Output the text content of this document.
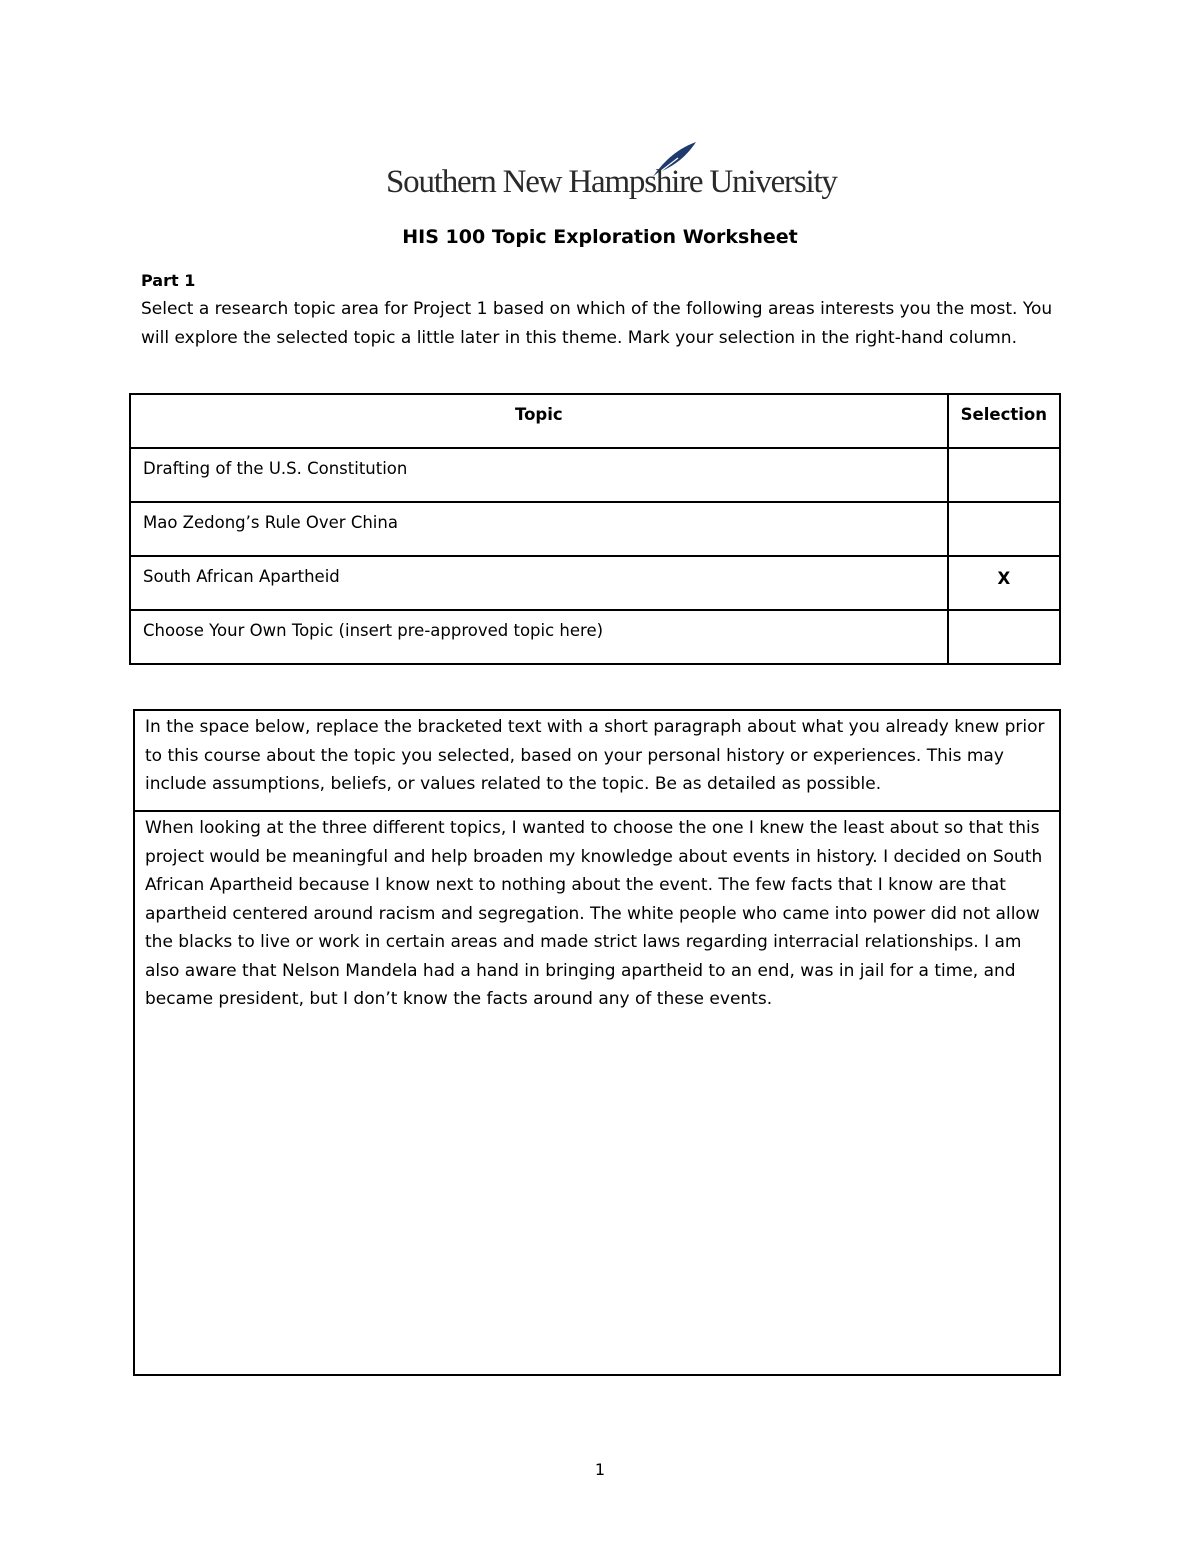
Southern New Hampshire University
HIS 100 Topic Exploration Worksheet
Part 1
Select a research topic area for Project 1 based on which of the following areas interests you the most. You will explore the selected topic a little later in this theme. Mark your selection in the right-hand column.
Topic	Selection
Drafting of the U.S. Constitution	
Mao Zedong’s Rule Over China	
South African Apartheid	X
Choose Your Own Topic (insert pre-approved topic here)	
In the space below, replace the bracketed text with a short paragraph about what you already knew prior to this course about the topic you selected, based on your personal history or experiences. This may include assumptions, beliefs, or values related to the topic. Be as detailed as possible.
When looking at the three different topics, I wanted to choose the one I knew the least about so that this project would be meaningful and help broaden my knowledge about events in history. I decided on South African Apartheid because I know next to nothing about the event. The few facts that I know are that apartheid centered around racism and segregation. The white people who came into power did not allow the blacks to live or work in certain areas and made strict laws regarding interracial relationships. I am also aware that Nelson Mandela had a hand in bringing apartheid to an end, was in jail for a time, and became president, but I don’t know the facts around any of these events.
1
